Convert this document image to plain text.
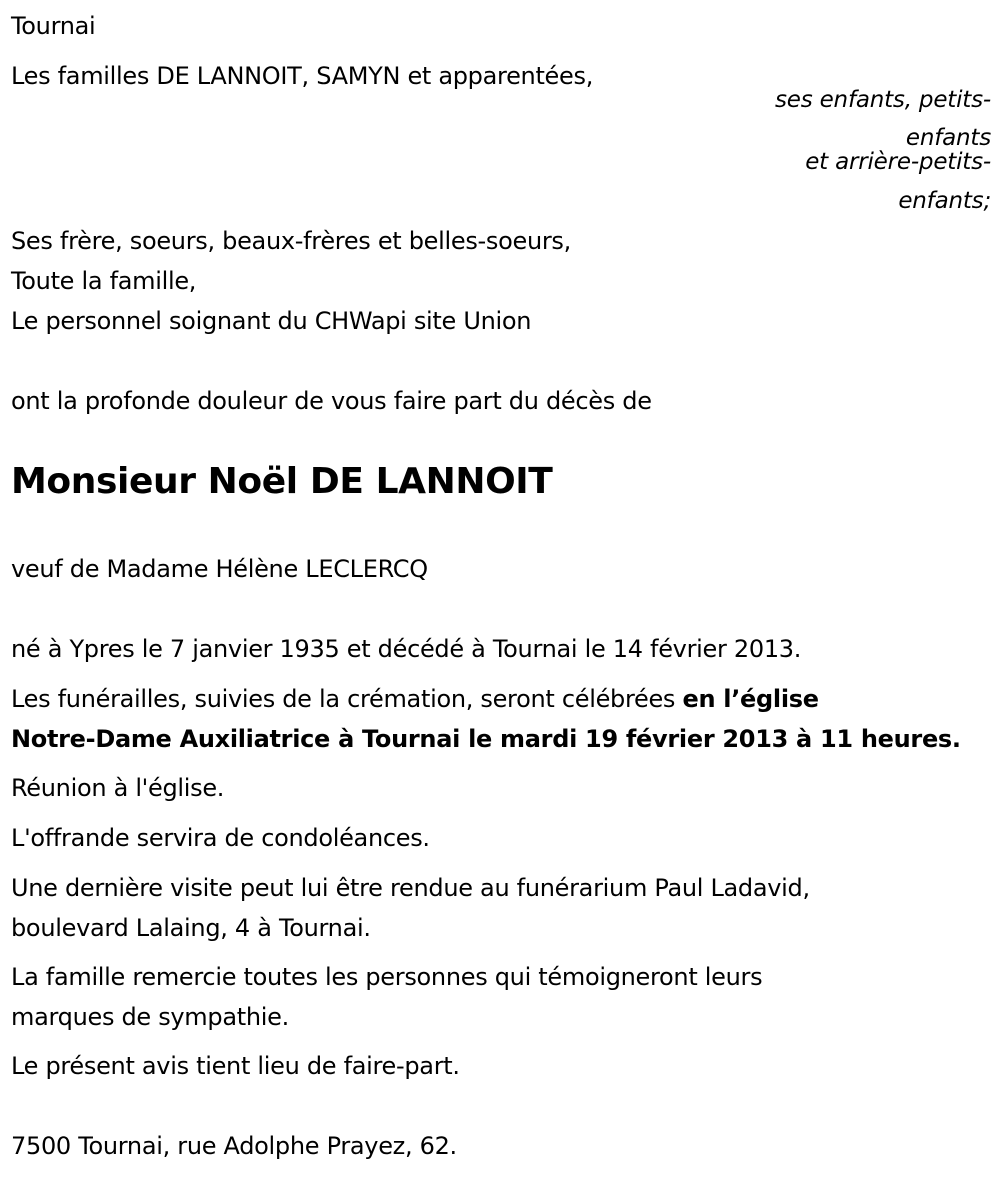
Tournai
Les familles DE LANNOIT, SAMYN et apparentées,
ses enfants, petits-
enfants
et arrière-petits-
enfants;
Ses frère, soeurs, beaux-frères et belles-soeurs,
Toute la famille,
Le personnel soignant du CHWapi site Union
ont la profonde douleur de vous faire part du décès de
Monsieur Noël DE LANNOIT
veuf de Madame Hélène LECLERCQ
né à Ypres le 7 janvier 1935 et décédé à Tournai le 14 février 2013.
Les funérailles, suivies de la crémation, seront célébrées en l’église
Notre-Dame Auxiliatrice à Tournai le mardi 19 février 2013 à 11 heures.
Réunion à l'église.
L'offrande servira de condoléances.
Une dernière visite peut lui être rendue au funérarium Paul Ladavid,
boulevard Lalaing, 4 à Tournai.
La famille remercie toutes les personnes qui témoigneront leurs
marques de sympathie.
Le présent avis tient lieu de faire-part.
7500 Tournai, rue Adolphe Prayez, 62.
